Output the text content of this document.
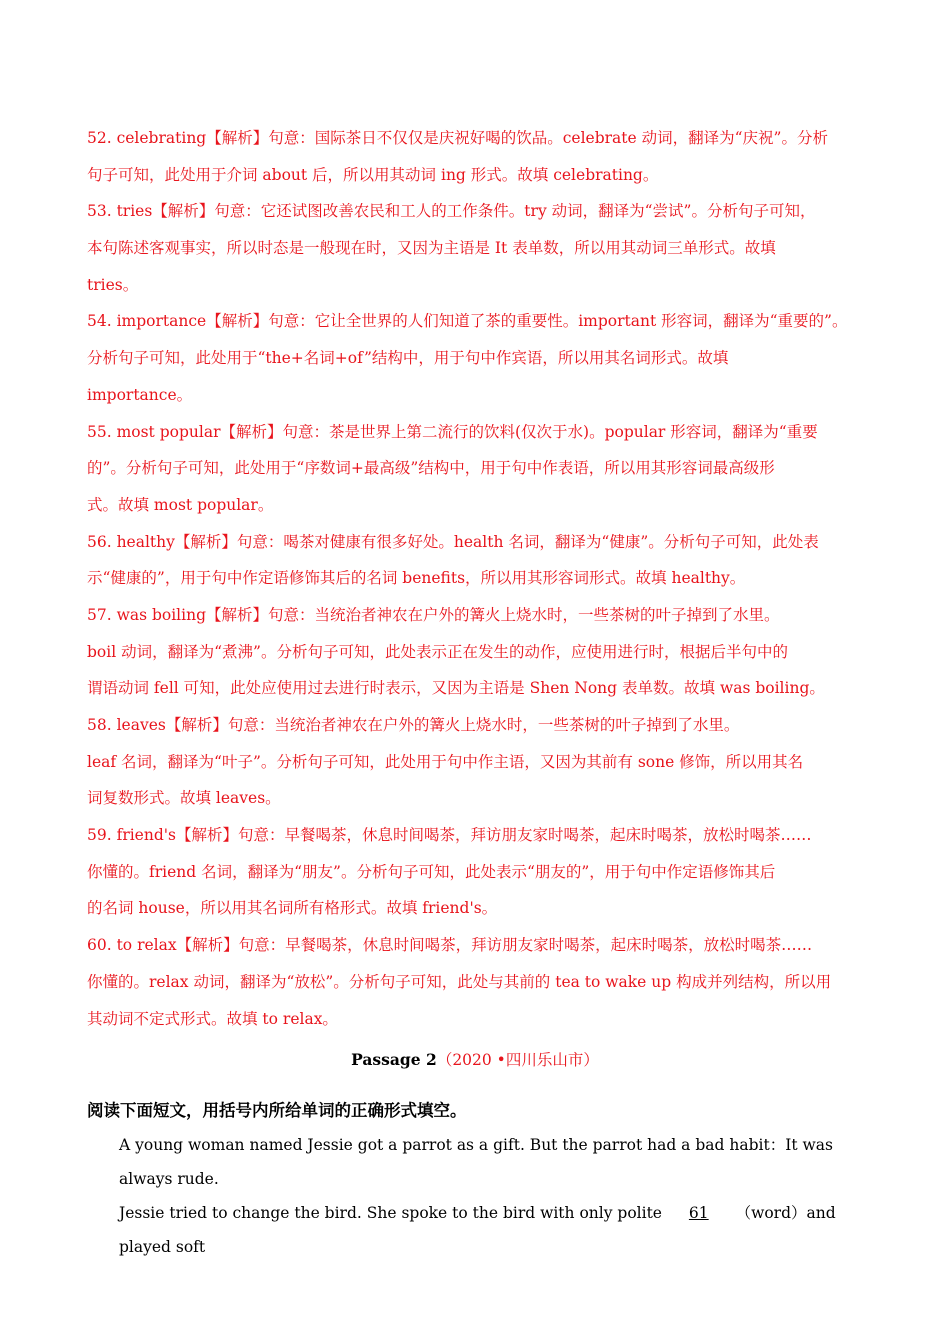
52. celebrating【解析】句意：国际茶日不仅仅是庆祝好喝的饮品。celebrate 动词，翻译为“庆祝”。分析
句子可知，此处用于介词 about 后，所以用其动词 ing 形式。故填 celebrating。
53. tries【解析】句意：它还试图改善农民和工人的工作条件。try 动词，翻译为“尝试”。分析句子可知，
本句陈述客观事实，所以时态是一般现在时，又因为主语是 It 表单数，所以用其动词三单形式。故填
tries。
54. importance【解析】句意：它让全世界的人们知道了茶的重要性。important 形容词，翻译为“重要的”。
分析句子可知，此处用于“the+名词+of”结构中，用于句中作宾语，所以用其名词形式。故填
importance。
55. most popular【解析】句意：茶是世界上第二流行的饮料(仅次于水)。popular 形容词，翻译为“重要
的”。分析句子可知，此处用于“序数词+最高级”结构中，用于句中作表语，所以用其形容词最高级形
式。故填 most popular。
56. healthy【解析】句意：喝茶对健康有很多好处。health 名词，翻译为“健康”。分析句子可知，此处表
示“健康的”，用于句中作定语修饰其后的名词 benefits，所以用其形容词形式。故填 healthy。
57. was boiling【解析】句意：当统治者神农在户外的篝火上烧水时，一些茶树的叶子掉到了水里。
boil 动词，翻译为“煮沸”。分析句子可知，此处表示正在发生的动作，应使用进行时，根据后半句中的
谓语动词 fell 可知，此处应使用过去进行时表示，又因为主语是 Shen Nong 表单数。故填 was boiling。
58. leaves【解析】句意：当统治者神农在户外的篝火上烧水时，一些茶树的叶子掉到了水里。
leaf 名词，翻译为“叶子”。分析句子可知，此处用于句中作主语，又因为其前有 sone 修饰，所以用其名
词复数形式。故填 leaves。
59. friend's【解析】句意：早餐喝茶，休息时间喝茶，拜访朋友家时喝茶，起床时喝茶，放松时喝茶……
你懂的。friend 名词，翻译为“朋友”。分析句子可知，此处表示“朋友的”，用于句中作定语修饰其后
的名词 house，所以用其名词所有格形式。故填 friend's。
60. to relax【解析】句意：早餐喝茶，休息时间喝茶，拜访朋友家时喝茶，起床时喝茶，放松时喝茶……
你懂的。relax 动词，翻译为“放松”。分析句子可知，此处与其前的 tea to wake up 构成并列结构，所以用
其动词不定式形式。故填 to relax。
Passage 2（2020 •四川乐山市）
阅读下面短文，用括号内所给单词的正确形式填空。
A young woman named Jessie got a parrot as a gift. But the parrot had a bad habit：It was always rude.
Jessie tried to change the bird. She spoke to the bird with only polite 61 （word）and played soft
